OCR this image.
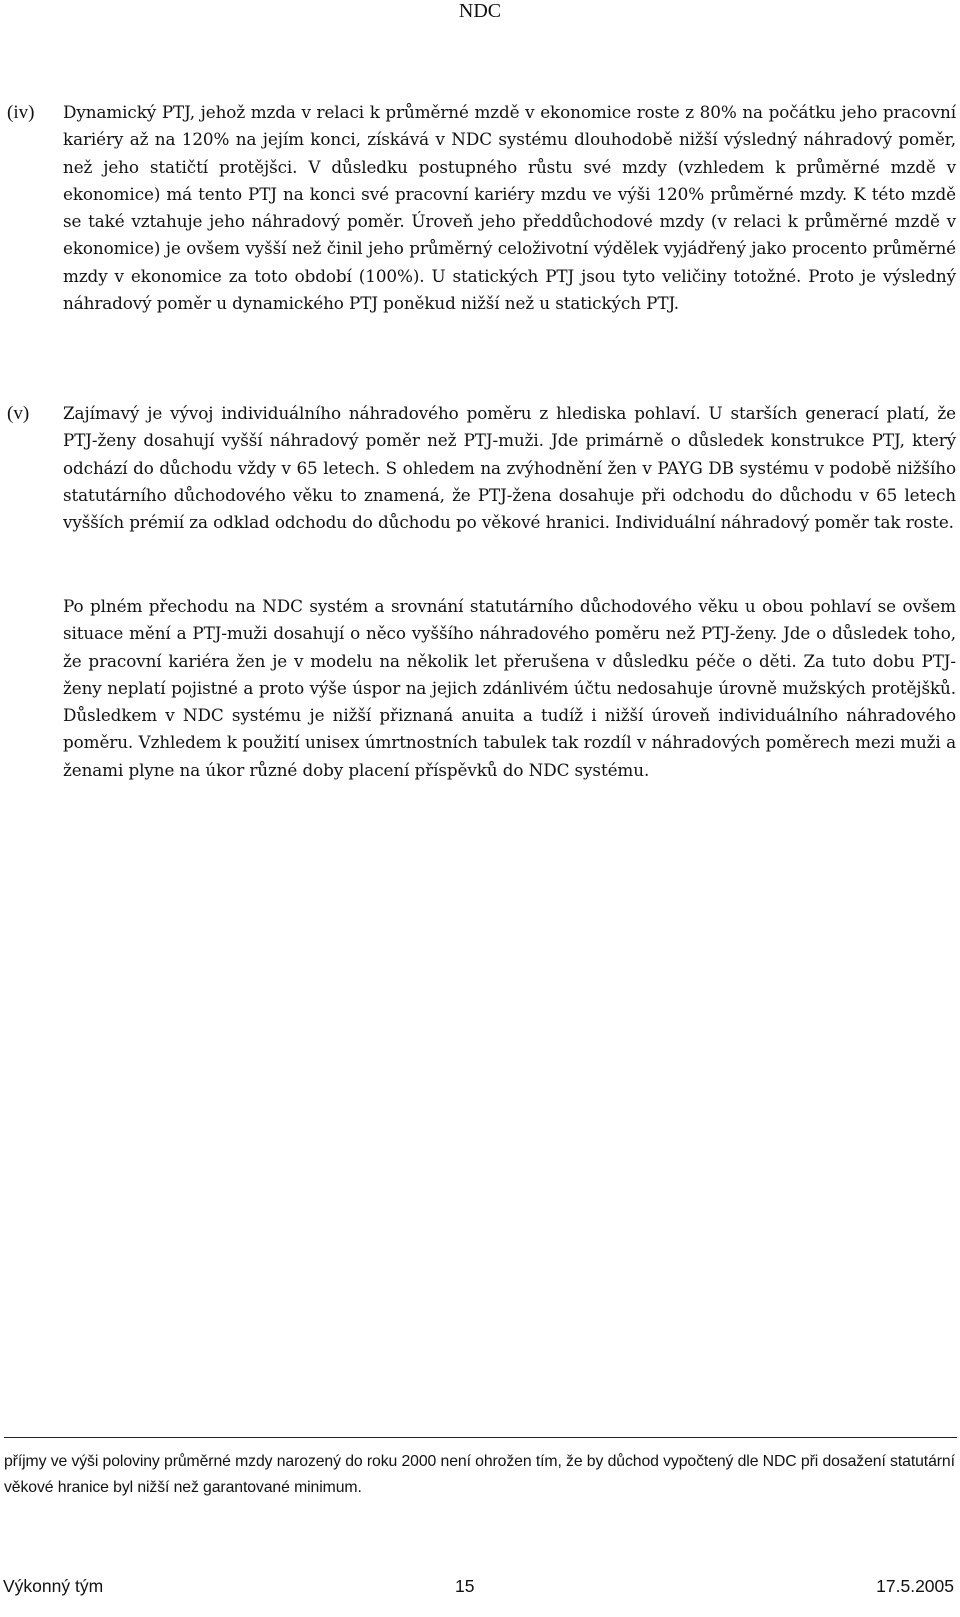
NDC
(iv) Dynamický PTJ, jehož mzda v relaci k průměrné mzdě v ekonomice roste z 80% na počátku jeho pracovní kariéry až na 120% na jejím konci, získává v NDC systému dlouhodobě nižší výsledný náhradový poměr, než jeho statičtí protějšci. V důsledku postupného růstu své mzdy (vzhledem k průměrné mzdě v ekonomice) má tento PTJ na konci své pracovní kariéry mzdu ve výši 120% průměrné mzdy. K této mzdě se také vztahuje jeho náhradový poměr. Úroveň jeho předdůchodové mzdy (v relaci k průměrné mzdě v ekonomice) je ovšem vyšší než činil jeho průměrný celoživotní výdělek vyjádřený jako procento průměrné mzdy v ekonomice za toto období (100%). U statických PTJ jsou tyto veličiny totožné. Proto je výsledný náhradový poměr u dynamického PTJ poněkud nižší než u statických PTJ.

(v) Zajímavý je vývoj individuálního náhradového poměru z hlediska pohlaví. U starších generací platí, že PTJ-ženy dosahují vyšší náhradový poměr než PTJ-muži. Jde primárně o důsledek konstrukce PTJ, který odchází do důchodu vždy v 65 letech. S ohledem na zvýhodnění žen v PAYG DB systému v podobě nižšího statutárního důchodového věku to znamená, že PTJ-žena dosahuje při odchodu do důchodu v 65 letech vyšších prémií za odklad odchodu do důchodu po věkové hranici. Individuální náhradový poměr tak roste.

Po plném přechodu na NDC systém a srovnání statutárního důchodového věku u obou pohlaví se ovšem situace mění a PTJ-muži dosahují o něco vyššího náhradového poměru než PTJ-ženy. Jde o důsledek toho, že pracovní kariéra žen je v modelu na několik let přerušena v důsledku péče o děti. Za tuto dobu PTJ-ženy neplatí pojistné a proto výše úspor na jejich zdánlivém účtu nedosahuje úrovně mužských protějšků. Důsledkem v NDC systému je nižší přiznaná anuita a tudíž i nižší úroveň individuálního náhradového poměru. Vzhledem k použití unisex úmrtnostních tabulek tak rozdíl v náhradových poměrech mezi muži a ženami plyne na úkor různé doby placení příspěvků do NDC systému.

příjmy ve výši poloviny průměrné mzdy narozený do roku 2000 není ohrožen tím, že by důchod vypočtený dle NDC při dosažení statutární věkové hranice byl nižší než garantované minimum.

Výkonný tým	15	17.5.2005
